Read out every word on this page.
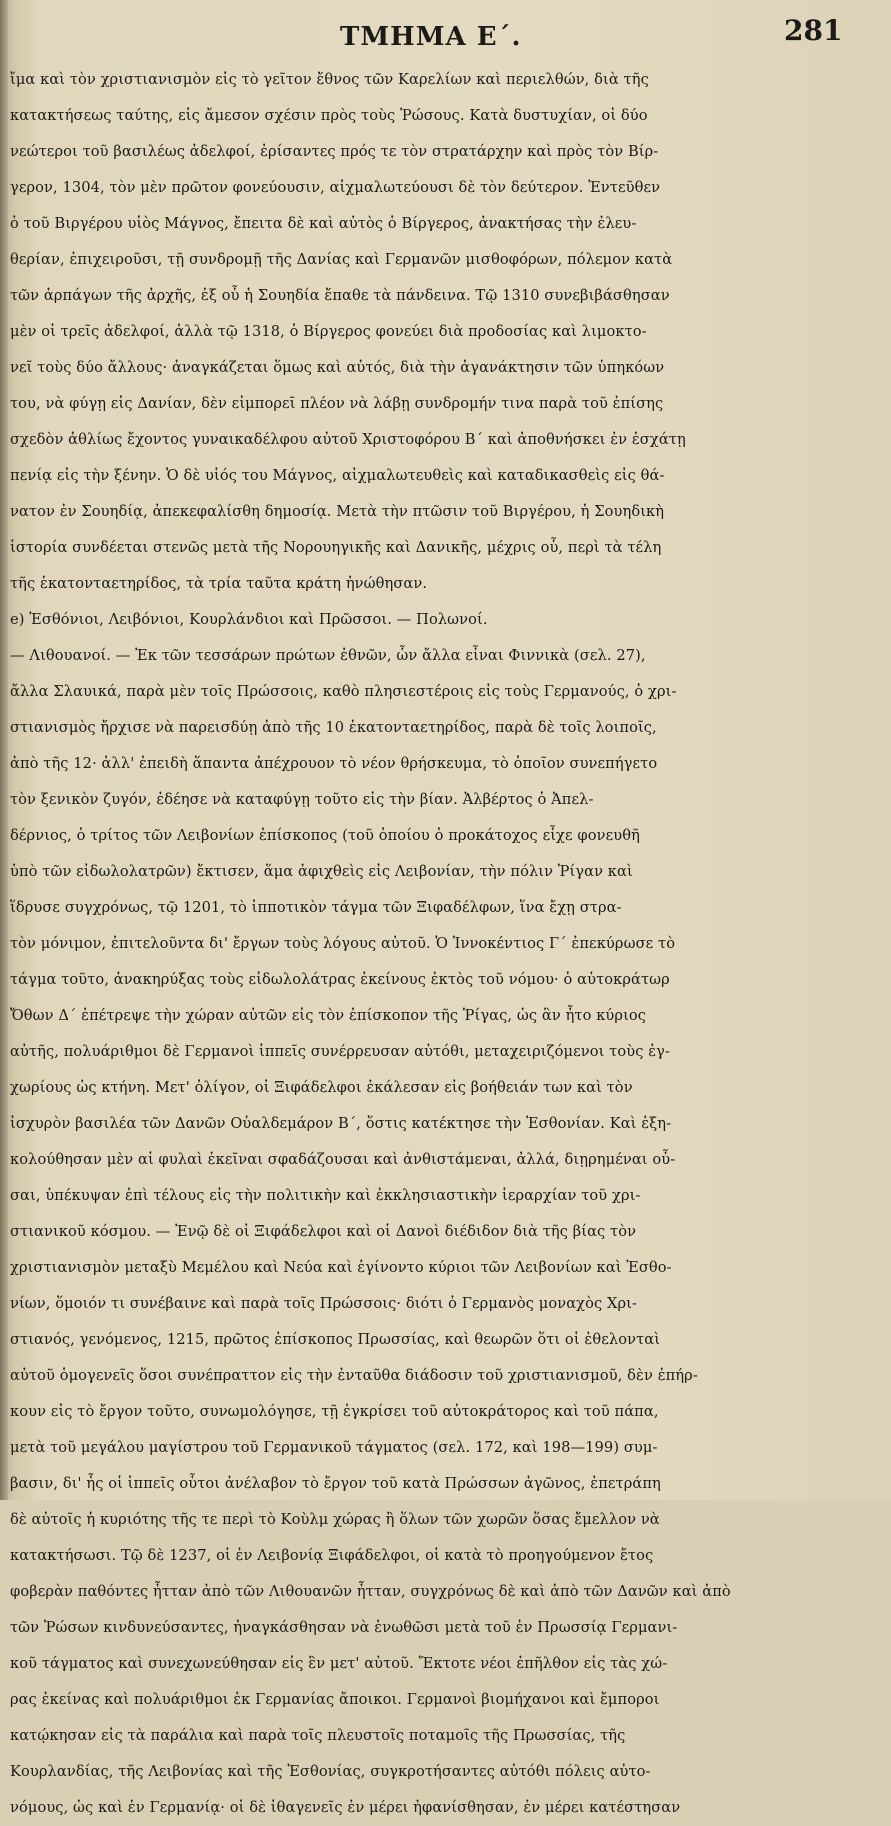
ΤΜΗΜΑ Ε΄.	281
ἴμα καὶ τὸν χριστιανισμὸν εἰς τὸ γεῖτον ἔθνος τῶν Καρελίων καὶ περιελθών, διὰ τῆς
κατακτήσεως ταύτης, εἰς ἄμεσον σχέσιν πρὸς τοὺς Ῥώσους. Κατὰ δυστυχίαν, οἱ δύο
νεώτεροι τοῦ βασιλέως ἀδελφοί, ἐρίσαντες πρός τε τὸν στρατάρχην καὶ πρὸς τὸν Βίρ-
γερον, 1304, τὸν μὲν πρῶτον φονεύουσιν, αἰχμαλωτεύουσι δὲ τὸν δεύτερον. Ἐντεῦθεν
ὁ τοῦ Βιργέρου υἱὸς Μάγνος, ἔπειτα δὲ καὶ αὐτὸς ὁ Βίργερος, ἀνακτήσας τὴν ἐλευ-
θερίαν, ἐπιχειροῦσι, τῇ συνδρομῇ τῆς Δανίας καὶ Γερμανῶν μισθοφόρων, πόλεμον κατὰ
τῶν ἁρπάγων τῆς ἀρχῆς, ἐξ οὗ ἡ Σουηδία ἔπαθε τὰ πάνδεινα. Τῷ 1310 συνεβιβάσθησαν
μὲν οἱ τρεῖς ἀδελφοί, ἀλλὰ τῷ 1318, ὁ Βίργερος φονεύει διὰ προδοσίας καὶ λιμοκτο-
νεῖ τοὺς δύο ἄλλους· ἀναγκάζεται ὅμως καὶ αὐτός, διὰ τὴν ἀγανάκτησιν τῶν ὑπηκόων
του, νὰ φύγῃ εἰς Δανίαν, δὲν εἰμπορεῖ πλέον νὰ λάβῃ συνδρομήν τινα παρὰ τοῦ ἐπίσης
σχεδὸν ἀθλίως ἔχοντος γυναικαδέλφου αὐτοῦ Χριστοφόρου Β΄ καὶ ἀποθνήσκει ἐν ἐσχάτῃ
πενίᾳ εἰς τὴν ξένην. Ὁ δὲ υἱός του Μάγνος, αἰχμαλωτευθεὶς καὶ καταδικασθεὶς εἰς θά-
νατον ἐν Σουηδίᾳ, ἀπεκεφαλίσθη δημοσίᾳ. Μετὰ τὴν πτῶσιν τοῦ Βιργέρου, ἡ Σουηδικὴ
ἱστορία συνδέεται στενῶς μετὰ τῆς Νορουηγικῆς καὶ Δανικῆς, μέχρις οὗ, περὶ τὰ τέλη
τῆς ἑκατονταετηρίδος, τὰ τρία ταῦτα κράτη ἡνώθησαν.
e) Ἐσθόνιοι, Λειβόνιοι, Κουρλάνδιοι καὶ Πρῶσσοι. — Πολωνοί.
— Λιθουανοί. — Ἐκ τῶν τεσσάρων πρώτων ἐθνῶν, ὧν ἄλλα εἶναι Φιννικὰ (σελ. 27),
ἄλλα Σλαυικά, παρὰ μὲν τοῖς Πρώσσοις, καθὸ πλησιεστέροις εἰς τοὺς Γερμανούς, ὁ χρι-
στιανισμὸς ἤρχισε νὰ παρεισδύῃ ἀπὸ τῆς 10 ἑκατονταετηρίδος, παρὰ δὲ τοῖς λοιποῖς,
ἀπὸ τῆς 12· ἀλλ' ἐπειδὴ ἅπαντα ἀπέχρουον τὸ νέον θρήσκευμα, τὸ ὁποῖον συνεπήγετο
τὸν ξενικὸν ζυγόν, ἐδέησε νὰ καταφύγῃ τοῦτο εἰς τὴν βίαν. Ἀλβέρτος ὁ Ἀπελ-
δέρνιος, ὁ τρίτος τῶν Λειβονίων ἐπίσκοπος (τοῦ ὁποίου ὁ προκάτοχος εἶχε φονευθῆ
ὑπὸ τῶν εἰδωλολατρῶν) ἔκτισεν, ἅμα ἀφιχθεὶς εἰς Λειβονίαν, τὴν πόλιν Ῥίγαν καὶ
ἵδρυσε συγχρόνως, τῷ 1201, τὸ ἱπποτικὸν τάγμα τῶν Ξιφαδέλφων, ἵνα ἔχῃ στρα-
τὸν μόνιμον, ἐπιτελοῦντα δι' ἔργων τοὺς λόγους αὐτοῦ. Ὁ Ἰννοκέντιος Γ΄ ἐπεκύρωσε τὸ
τάγμα τοῦτο, ἀνακηρύξας τοὺς εἰδωλολάτρας ἐκείνους ἐκτὸς τοῦ νόμου· ὁ αὐτοκράτωρ
Ὄθων Δ΄ ἐπέτρεψε τὴν χώραν αὐτῶν εἰς τὸν ἐπίσκοπον τῆς Ῥίγας, ὡς ἂν ἦτο κύριος
αὐτῆς, πολυάριθμοι δὲ Γερμανοὶ ἱππεῖς συνέρρευσαν αὐτόθι, μεταχειριζόμενοι τοὺς ἐγ-
χωρίους ὡς κτήνη. Μετ' ὀλίγον, οἱ Ξιφάδελφοι ἐκάλεσαν εἰς βοήθειάν των καὶ τὸν
ἰσχυρὸν βασιλέα τῶν Δανῶν Οὐαλδεμάρον Β΄, ὅστις κατέκτησε τὴν Ἐσθονίαν. Καὶ ἐξη-
κολούθησαν μὲν αἱ φυλαὶ ἐκεῖναι σφαδάζουσαι καὶ ἀνθιστάμεναι, ἀλλά, διῃρημέναι οὖ-
σαι, ὑπέκυψαν ἐπὶ τέλους εἰς τὴν πολιτικὴν καὶ ἐκκλησιαστικὴν ἱεραρχίαν τοῦ χρι-
στιανικοῦ κόσμου. — Ἐνῷ δὲ οἱ Ξιφάδελφοι καὶ οἱ Δανοὶ διέδιδον διὰ τῆς βίας τὸν
χριστιανισμὸν μεταξὺ Μεμέλου καὶ Νεύα καὶ ἐγίνοντο κύριοι τῶν Λειβονίων καὶ Ἐσθο-
νίων, ὅμοιόν τι συνέβαινε καὶ παρὰ τοῖς Πρώσσοις· διότι ὁ Γερμανὸς μοναχὸς Χρι-
στιανός, γενόμενος, 1215, πρῶτος ἐπίσκοπος Πρωσσίας, καὶ θεωρῶν ὅτι οἱ ἐθελονταὶ
αὐτοῦ ὁμογενεῖς ὅσοι συνέπραττον εἰς τὴν ἐνταῦθα διάδοσιν τοῦ χριστιανισμοῦ, δὲν ἐπήρ-
κουν εἰς τὸ ἔργον τοῦτο, συνωμολόγησε, τῇ ἐγκρίσει τοῦ αὐτοκράτορος καὶ τοῦ πάπα,
μετὰ τοῦ μεγάλου μαγίστρου τοῦ Γερμανικοῦ τάγματος (σελ. 172, καὶ 198—199) συμ-
βασιν, δι' ἧς οἱ ἱππεῖς οὗτοι ἀνέλαβον τὸ ἔργον τοῦ κατὰ Πρώσσων ἀγῶνος, ἐπετράπη
δὲ αὐτοῖς ἡ κυριότης τῆς τε περὶ τὸ Κοὺλμ χώρας ἢ ὅλων τῶν χωρῶν ὅσας ἔμελλον νὰ
κατακτήσωσι. Τῷ δὲ 1237, οἱ ἐν Λειβονίᾳ Ξιφάδελφοι, οἱ κατὰ τὸ προηγούμενον ἔτος
φοβερὰν παθόντες ἧτταν ἀπὸ τῶν Λιθουανῶν ἦτταν, συγχρόνως δὲ καὶ ἀπὸ τῶν Δανῶν καὶ ἀπὸ
τῶν Ῥώσων κινδυνεύσαντες, ἠναγκάσθησαν νὰ ἑνωθῶσι μετὰ τοῦ ἐν Πρωσσίᾳ Γερμανι-
κοῦ τάγματος καὶ συνεχωνεύθησαν εἰς ἓν μετ' αὐτοῦ. Ἔκτοτε νέοι ἐπῆλθον εἰς τὰς χώ-
ρας ἐκείνας καὶ πολυάριθμοι ἐκ Γερμανίας ἄποικοι. Γερμανοὶ βιομήχανοι καὶ ἔμποροι
κατῴκησαν εἰς τὰ παράλια καὶ παρὰ τοῖς πλευστοῖς ποταμοῖς τῆς Πρωσσίας, τῆς
Κουρλανδίας, τῆς Λειβονίας καὶ τῆς Ἐσθονίας, συγκροτήσαντες αὐτόθι πόλεις αὐτο-
νόμους, ὡς καὶ ἐν Γερμανίᾳ· οἱ δὲ ἰθαγενεῖς ἐν μέρει ἠφανίσθησαν, ἐν μέρει κατέστησαν
